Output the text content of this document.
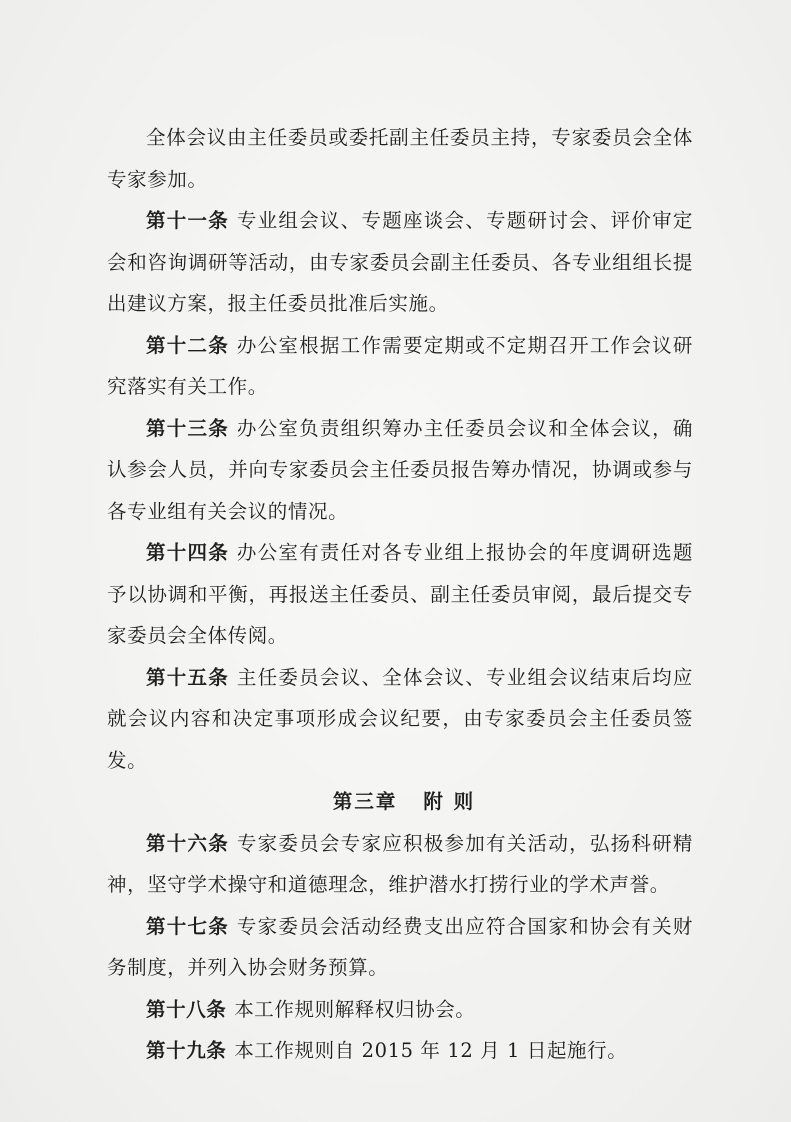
全体会议由主任委员或委托副主任委员主持，专家委员会全体专家参加。

第十一条 专业组会议、专题座谈会、专题研讨会、评价审定会和咨询调研等活动，由专家委员会副主任委员、各专业组组长提出建议方案，报主任委员批准后实施。

第十二条 办公室根据工作需要定期或不定期召开工作会议研究落实有关工作。

第十三条 办公室负责组织筹办主任委员会议和全体会议，确认参会人员，并向专家委员会主任委员报告筹办情况，协调或参与各专业组有关会议的情况。

第十四条 办公室有责任对各专业组上报协会的年度调研选题予以协调和平衡，再报送主任委员、副主任委员审阅，最后提交专家委员会全体传阅。

第十五条 主任委员会议、全体会议、专业组会议结束后均应就会议内容和决定事项形成会议纪要，由专家委员会主任委员签发。

第三章 附 则

第十六条 专家委员会专家应积极参加有关活动，弘扬科研精神，坚守学术操守和道德理念，维护潜水打捞行业的学术声誉。

第十七条 专家委员会活动经费支出应符合国家和协会有关财务制度，并列入协会财务预算。

第十八条 本工作规则解释权归协会。

第十九条 本工作规则自 2015 年 12 月 1 日起施行。
